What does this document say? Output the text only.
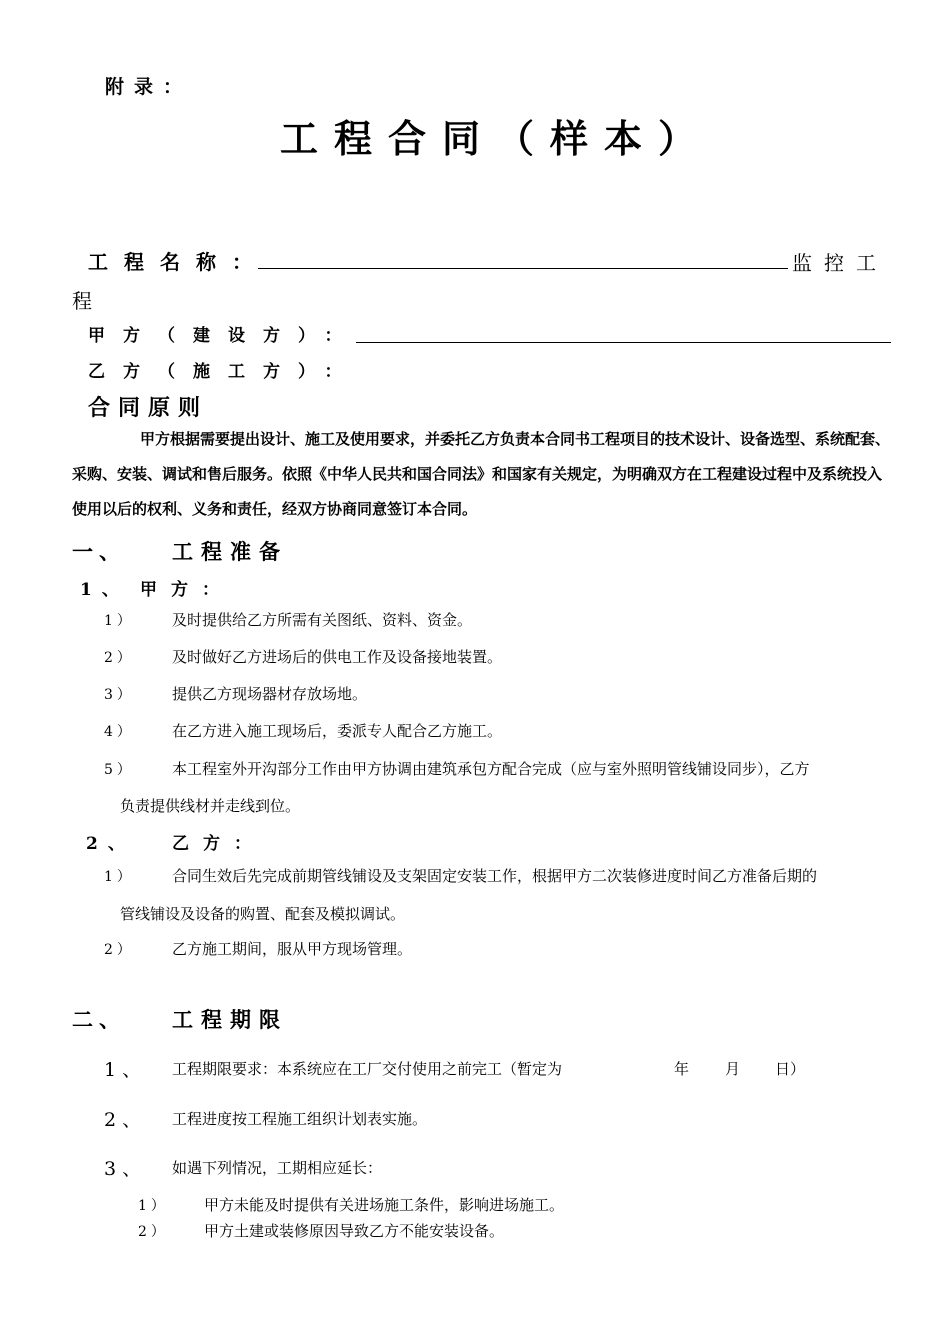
附录：
工程合同（样本）
工程名称：	监控工
程
甲方（建设方）：
乙方（施工方）：
合同原则

甲方根据需要提出设计、施工及使用要求，并委托乙方负责本合同书工程项目的技术设计、设备选型、系统配套、采购、安装、调试和售后服务。依照《中华人民共和国合同法》和国家有关规定，为明确双方在工程建设过程中及系统投入使用以后的权利、义务和责任，经双方协商同意签订本合同。

一、 工程准备
1、 甲方：
1） 及时提供给乙方所需有关图纸、资料、资金。
2） 及时做好乙方进场后的供电工作及设备接地装置。
3） 提供乙方现场器材存放场地。
4） 在乙方进入施工现场后，委派专人配合乙方施工。
5） 本工程室外开沟部分工作由甲方协调由建筑承包方配合完成（应与室外照明管线铺设同步），乙方
负责提供线材并走线到位。
2、 乙方：
1） 合同生效后先完成前期管线铺设及支架固定安装工作，根据甲方二次装修进度时间乙方准备后期的
管线铺设及设备的购置、配套及模拟调试。
2） 乙方施工期间，服从甲方现场管理。
二、 工程期限
1、 工程期限要求：本系统应在工厂交付使用之前完工（暂定为	年 月 日）
2、 工程进度按工程施工组织计划表实施。
3、 如遇下列情况，工期相应延长：
1） 甲方未能及时提供有关进场施工条件，影响进场施工。
2） 甲方土建或装修原因导致乙方不能安装设备。
